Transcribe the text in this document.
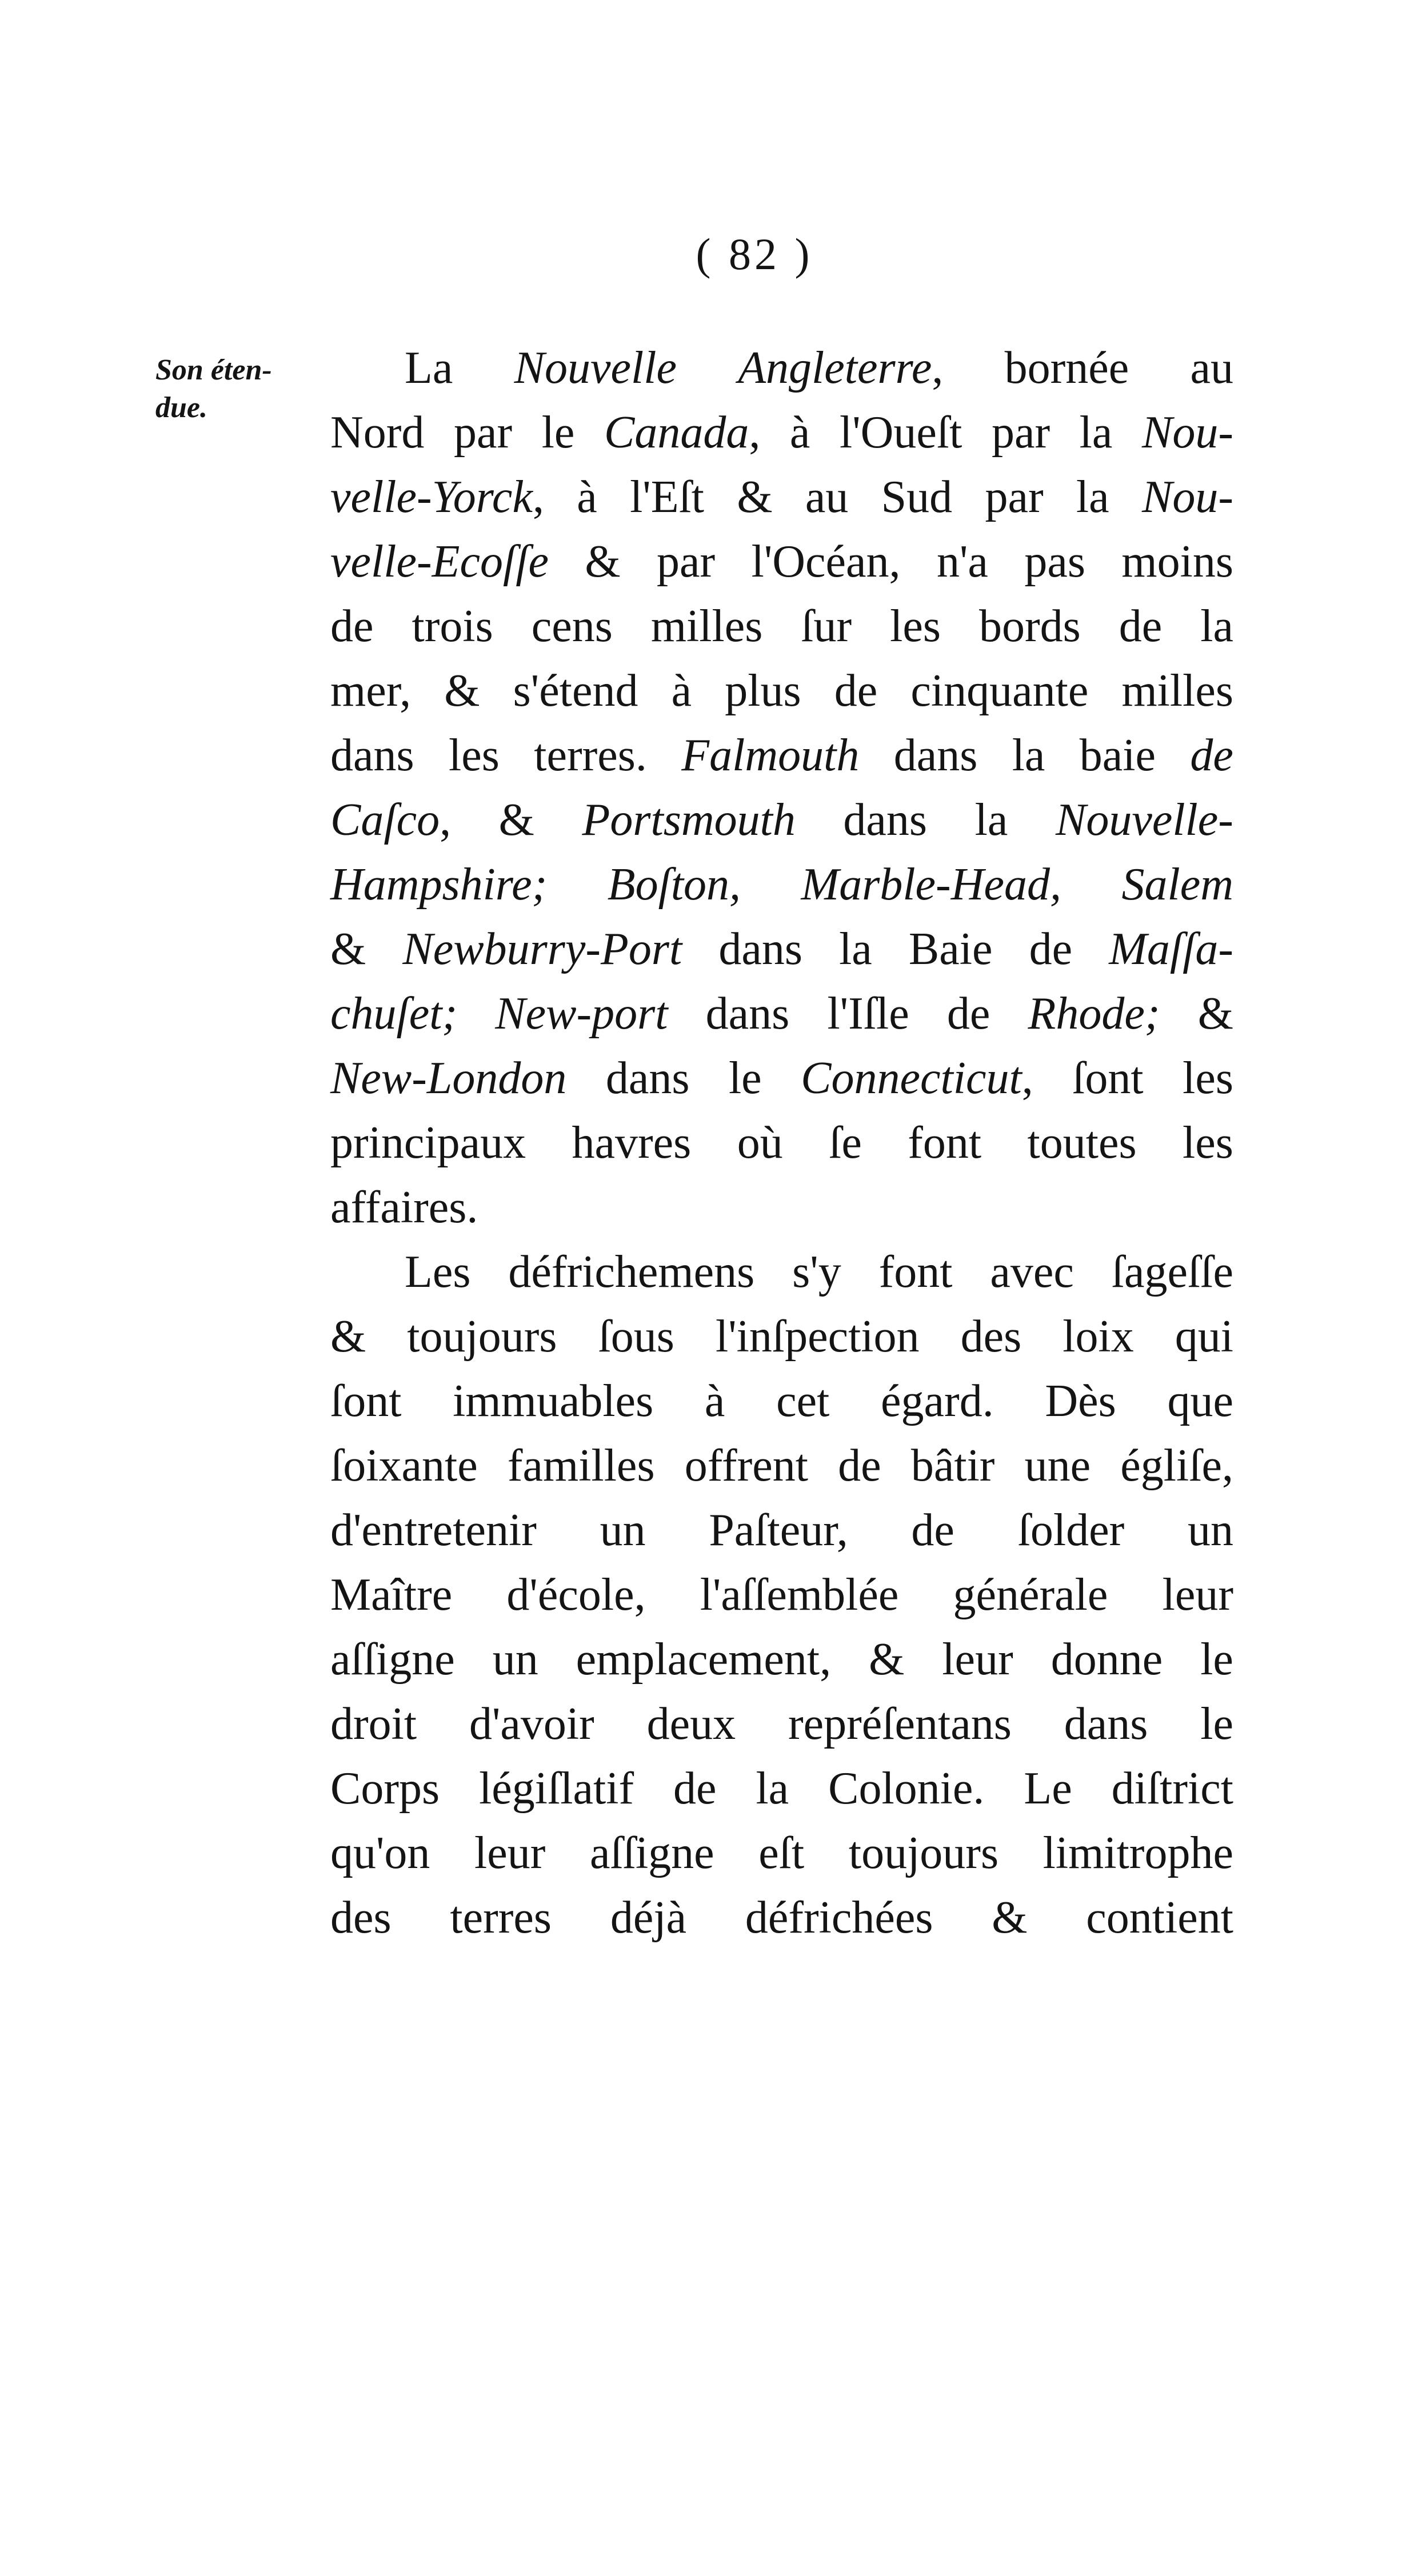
( 82 )
Son éten-
due.
La Nouvelle Angleterre, bornée au
Nord par le Canada, à l'Oueſt par la Nou-
velle-Yorck, à l'Eſt & au Sud par la Nou-
velle-Ecoſſe & par l'Océan, n'a pas moins
de trois cens milles ſur les bords de la
mer, & s'étend à plus de cinquante milles
dans les terres. Falmouth dans la baie de
Caſco, & Portsmouth dans la Nouvelle-
Hampshire; Boſton, Marble-Head, Salem
& Newburry-Port dans la Baie de Maſſa-
chuſet; New-port dans l'Iſle de Rhode; &
New-London dans le Connecticut, ſont les
principaux havres où ſe font toutes les
affaires.
Les défrichemens s'y font avec ſageſſe
& toujours ſous l'inſpection des loix qui
ſont immuables à cet égard. Dès que
ſoixante familles offrent de bâtir une égliſe,
d'entretenir un Paſteur, de ſolder un
Maître d'école, l'aſſemblée générale leur
aſſigne un emplacement, & leur donne le
droit d'avoir deux repréſentans dans le
Corps légiſlatif de la Colonie. Le diſtrict
qu'on leur aſſigne eſt toujours limitrophe
des terres déjà défrichées & contient
